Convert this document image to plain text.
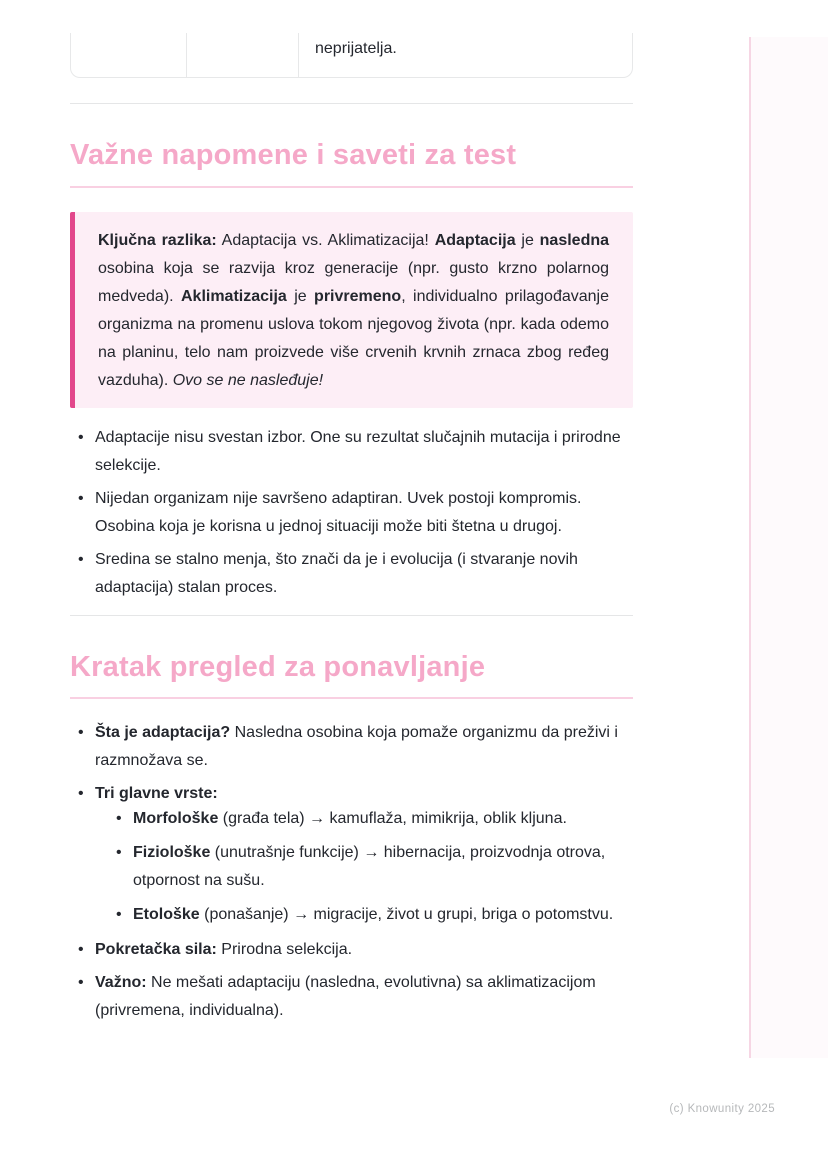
neprijatelja.
Važne napomene i saveti za test
Ključna razlika: Adaptacija vs. Aklimatizacija! Adaptacija je nasledna osobina koja se razvija kroz generacije (npr. gusto krzno polarnog medveda). Aklimatizacija je privremeno, individualno prilagođavanje organizma na promenu uslova tokom njegovog života (npr. kada odemo na planinu, telo nam proizvede više crvenih krvnih zrnaca zbog ređeg vazduha). Ovo se ne nasleđuje!
• Adaptacije nisu svestan izbor. One su rezultat slučajnih mutacija i prirodne selekcije.
• Nijedan organizam nije savršeno adaptiran. Uvek postoji kompromis. Osobina koja je korisna u jednoj situaciji može biti štetna u drugoj.
• Sredina se stalno menja, što znači da je i evolucija (i stvaranje novih adaptacija) stalan proces.
Kratak pregled za ponavljanje
• Šta je adaptacija? Nasledna osobina koja pomaže organizmu da preživi i razmnožava se.
• Tri glavne vrste:
• Morfološke (građa tela) → kamuflaža, mimikrija, oblik kljuna.
• Fiziološke (unutrašnje funkcije) → hibernacija, proizvodnja otrova, otpornost na sušu.
• Etološke (ponašanje) → migracije, život u grupi, briga o potomstvu.
• Pokretačka sila: Prirodna selekcija.
• Važno: Ne mešati adaptaciju (nasledna, evolutivna) sa aklimatizacijom (privremena, individualna).
(c) Knowunity 2025
